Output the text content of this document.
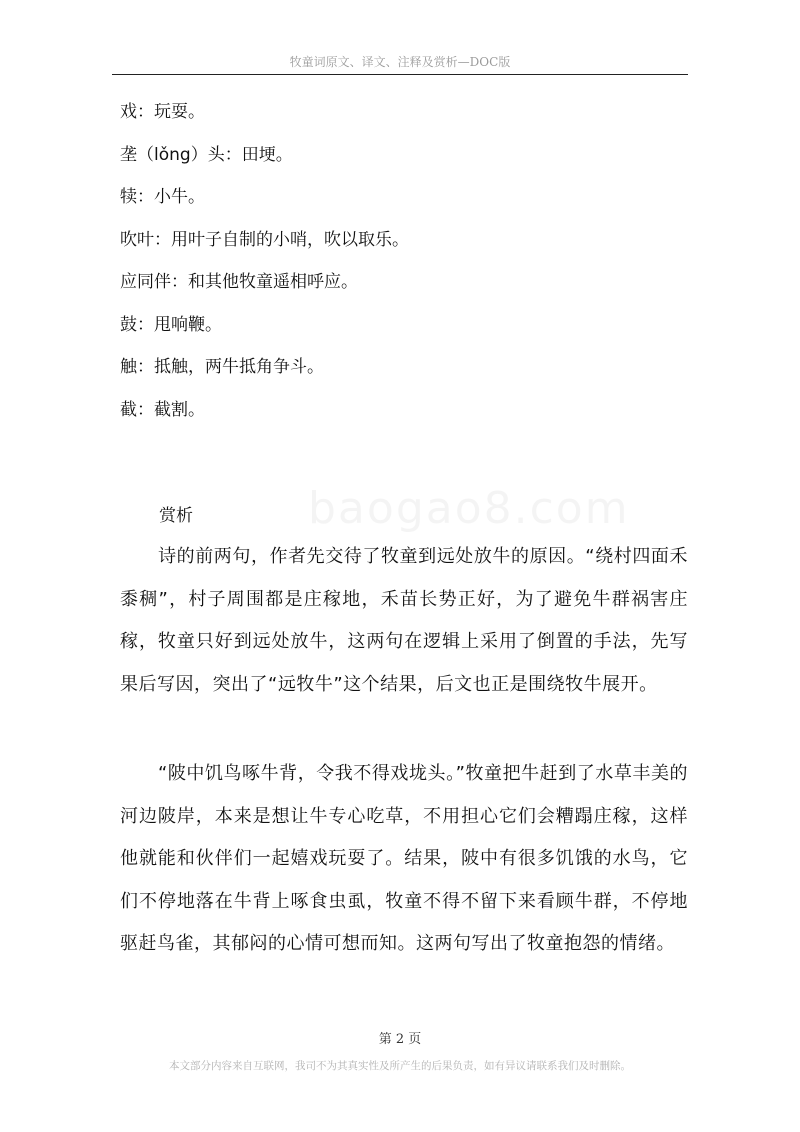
牧童词原文、译文、注释及赏析—DOC版
戏：玩耍。
垄（lǒng）头：田埂。
犊：小牛。
吹叶：用叶子自制的小哨，吹以取乐。
应同伴：和其他牧童遥相呼应。
鼓：甩响鞭。
触：抵触，两牛抵角争斗。
截：截割。
赏析
诗的前两句，作者先交待了牧童到远处放牛的原因。“绕村四面禾黍稠”，村子周围都是庄稼地，禾苗长势正好，为了避免牛群祸害庄稼，牧童只好到远处放牛，这两句在逻辑上采用了倒置的手法，先写果后写因，突出了“远牧牛”这个结果，后文也正是围绕牧牛展开。
“陂中饥鸟啄牛背，令我不得戏垅头。”牧童把牛赶到了水草丰美的河边陂岸，本来是想让牛专心吃草，不用担心它们会糟蹋庄稼，这样他就能和伙伴们一起嬉戏玩耍了。结果，陂中有很多饥饿的水鸟，它们不停地落在牛背上啄食虫虱，牧童不得不留下来看顾牛群，不停地驱赶鸟雀，其郁闷的心情可想而知。这两句写出了牧童抱怨的情绪。
第 2 页
本文部分内容来自互联网，我司不为其真实性及所产生的后果负责，如有异议请联系我们及时删除。
